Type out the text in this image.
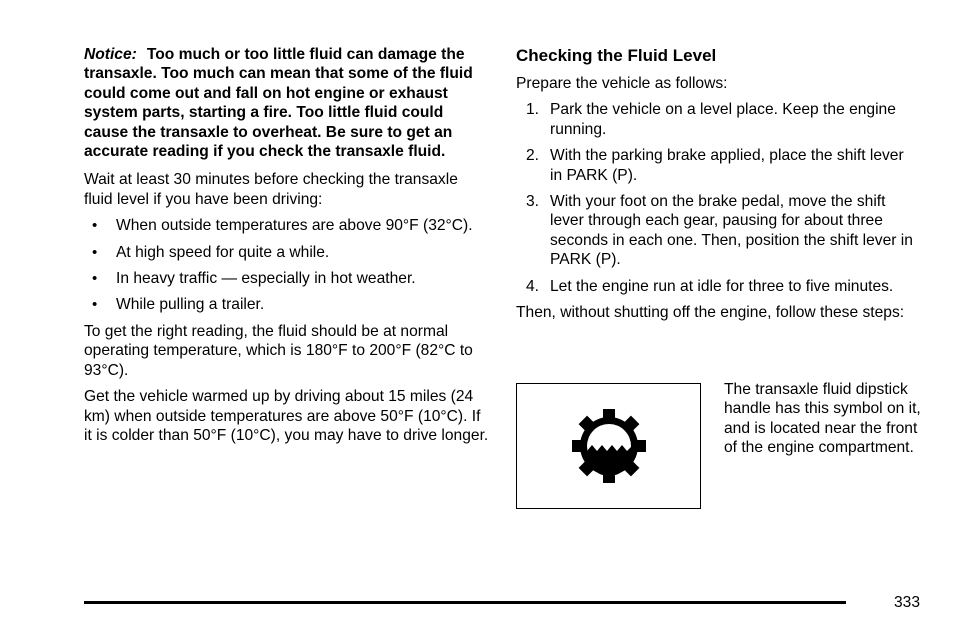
Notice: Too much or too little fluid can damage the transaxle. Too much can mean that some of the fluid could come out and fall on hot engine or exhaust system parts, starting a fire. Too little fluid could cause the transaxle to overheat. Be sure to get an accurate reading if you check the transaxle fluid.

Wait at least 30 minutes before checking the transaxle fluid level if you have been driving:

• When outside temperatures are above 90°F (32°C).
• At high speed for quite a while.
• In heavy traffic — especially in hot weather.
• While pulling a trailer.

To get the right reading, the fluid should be at normal operating temperature, which is 180°F to 200°F (82°C to 93°C).

Get the vehicle warmed up by driving about 15 miles (24 km) when outside temperatures are above 50°F (10°C). If it is colder than 50°F (10°C), you may have to drive longer.

Checking the Fluid Level

Prepare the vehicle as follows:

1. Park the vehicle on a level place. Keep the engine running.
2. With the parking brake applied, place the shift lever in PARK (P).
3. With your foot on the brake pedal, move the shift lever through each gear, pausing for about three seconds in each one. Then, position the shift lever in PARK (P).
4. Let the engine run at idle for three to five minutes.

Then, without shutting off the engine, follow these steps:

The transaxle fluid dipstick handle has this symbol on it, and is located near the front of the engine compartment.

333
